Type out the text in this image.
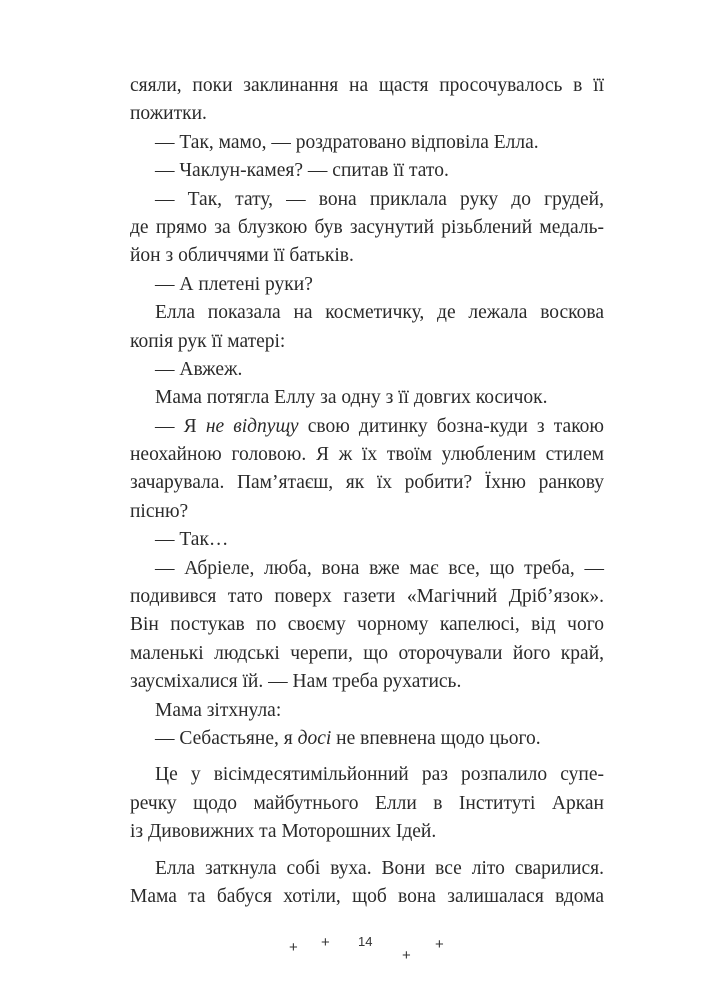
сяяли, поки заклинання на щастя просочувалось в її
пожитки.
— Так, мамо, — роздратовано відповіла Елла.
— Чаклун-камея? — спитав її тато.
— Так, тату, — вона приклала руку до грудей,
де прямо за блузкою був засунутий різьблений медаль-
йон з обличчями її батьків.
— А плетені руки?
Елла показала на косметичку, де лежала воскова
копія рук її матері:
— Авжеж.
Мама потягла Еллу за одну з її довгих косичок.
— Я не відпущу свою дитинку бозна-куди з такою
неохайною головою. Я ж їх твоїм улюбленим стилем
зачарувала. Пам’ятаєш, як їх робити? Їхню ранкову
пісню?
— Так…
— Абріеле, люба, вона вже має все, що треба, —
подивився тато поверх газети «Магічний Дріб’язок».
Він постукав по своєму чорному капелюсі, від чого
маленькі людські черепи, що оторочували його край,
заусміхалися їй. — Нам треба рухатись.
Мама зітхнула:
— Себастьяне, я досі не впевнена щодо цього.
Це у вісімдесятимільйонний раз розпалило супе-
речку щодо майбутнього Елли в Інституті Аркан
із Дивовижних та Моторошних Ідей.
Елла заткнула собі вуха. Вони все літо сварилися.
Мама та бабуся хотіли, щоб вона залишалася вдома
+ + 14
+
+
